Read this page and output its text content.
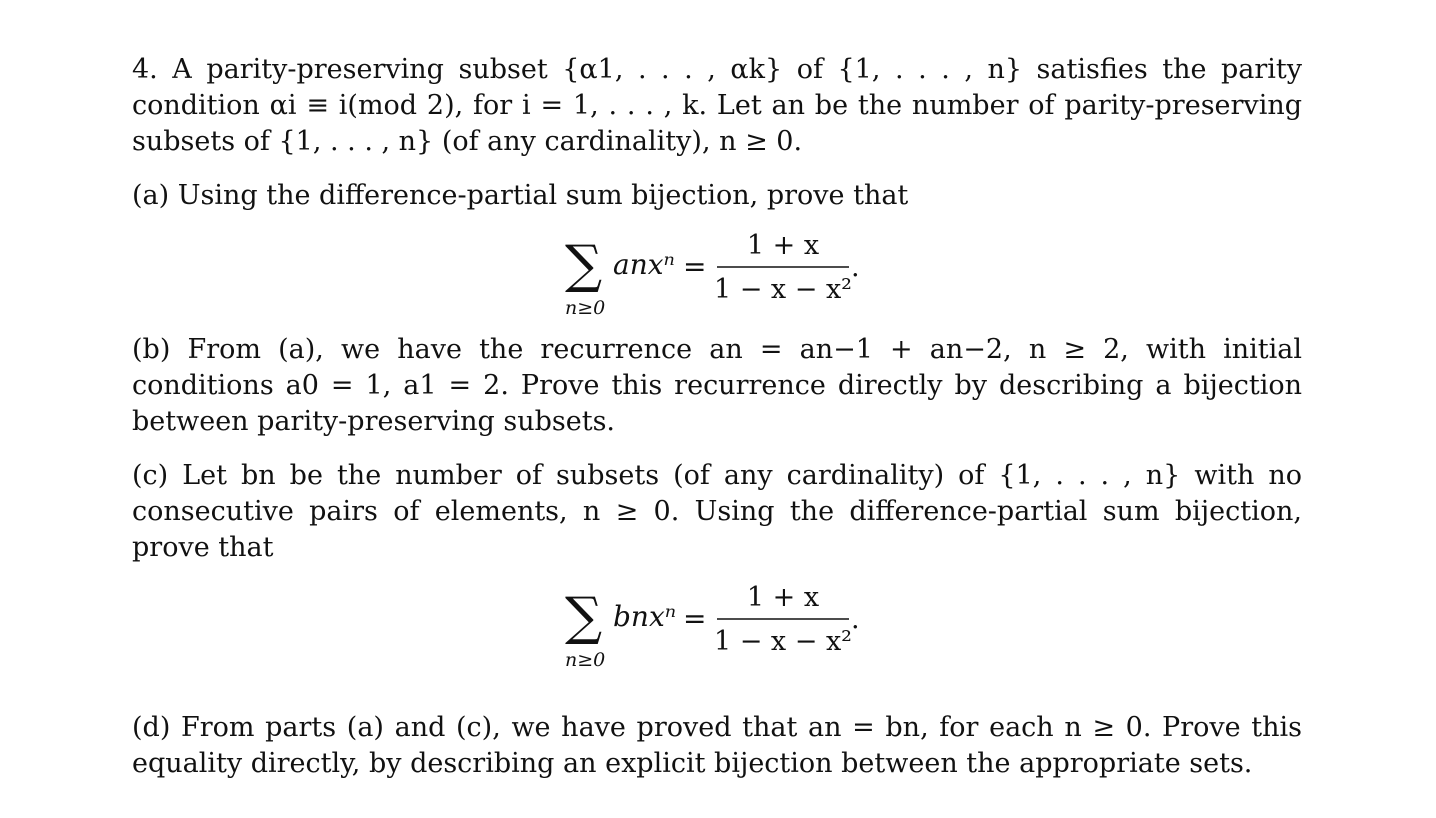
4. A parity-preserving subset {α1, . . . , αk} of {1, . . . , n} satisfies the parity condition αi ≡ i(mod 2), for i = 1, . . . , k. Let an be the number of parity-preserving subsets of {1, . . . , n} (of any cardinality), n ≥ 0.

(a) Using the difference-partial sum bijection, prove that

∑
n≥0
anxⁿ =
1 + x
1 − x − x²
.

(b) From (a), we have the recurrence an = an−1 + an−2, n ≥ 2, with initial conditions a0 = 1, a1 = 2. Prove this recurrence directly by describing a bijection between parity-preserving subsets.

(c) Let bn be the number of subsets (of any cardinality) of {1, . . . , n} with no consecutive pairs of elements, n ≥ 0. Using the difference-partial sum bijection, prove that

∑
n≥0
bnxⁿ =
1 + x
1 − x − x²
.

(d) From parts (a) and (c), we have proved that an = bn, for each n ≥ 0. Prove this equality directly, by describing an explicit bijection between the appropriate sets.
